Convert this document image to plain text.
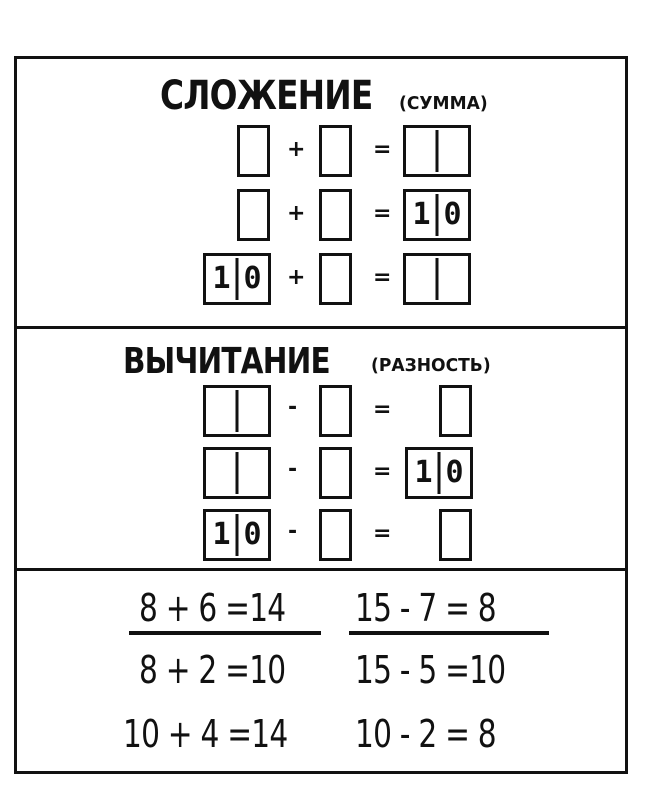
СЛОЖЕНИЕ (СУММА)
+	=
+	= 1 0
1 0 +	=
ВЫЧИТАНИЕ (РАЗНОСТЬ)
-	=
-	= 1 0
1 0 -	=
8 + 6 =14 15 - 7 = 8
8 + 2 =10 15 - 5 =10
10 + 4 =14 10 - 2 = 8
